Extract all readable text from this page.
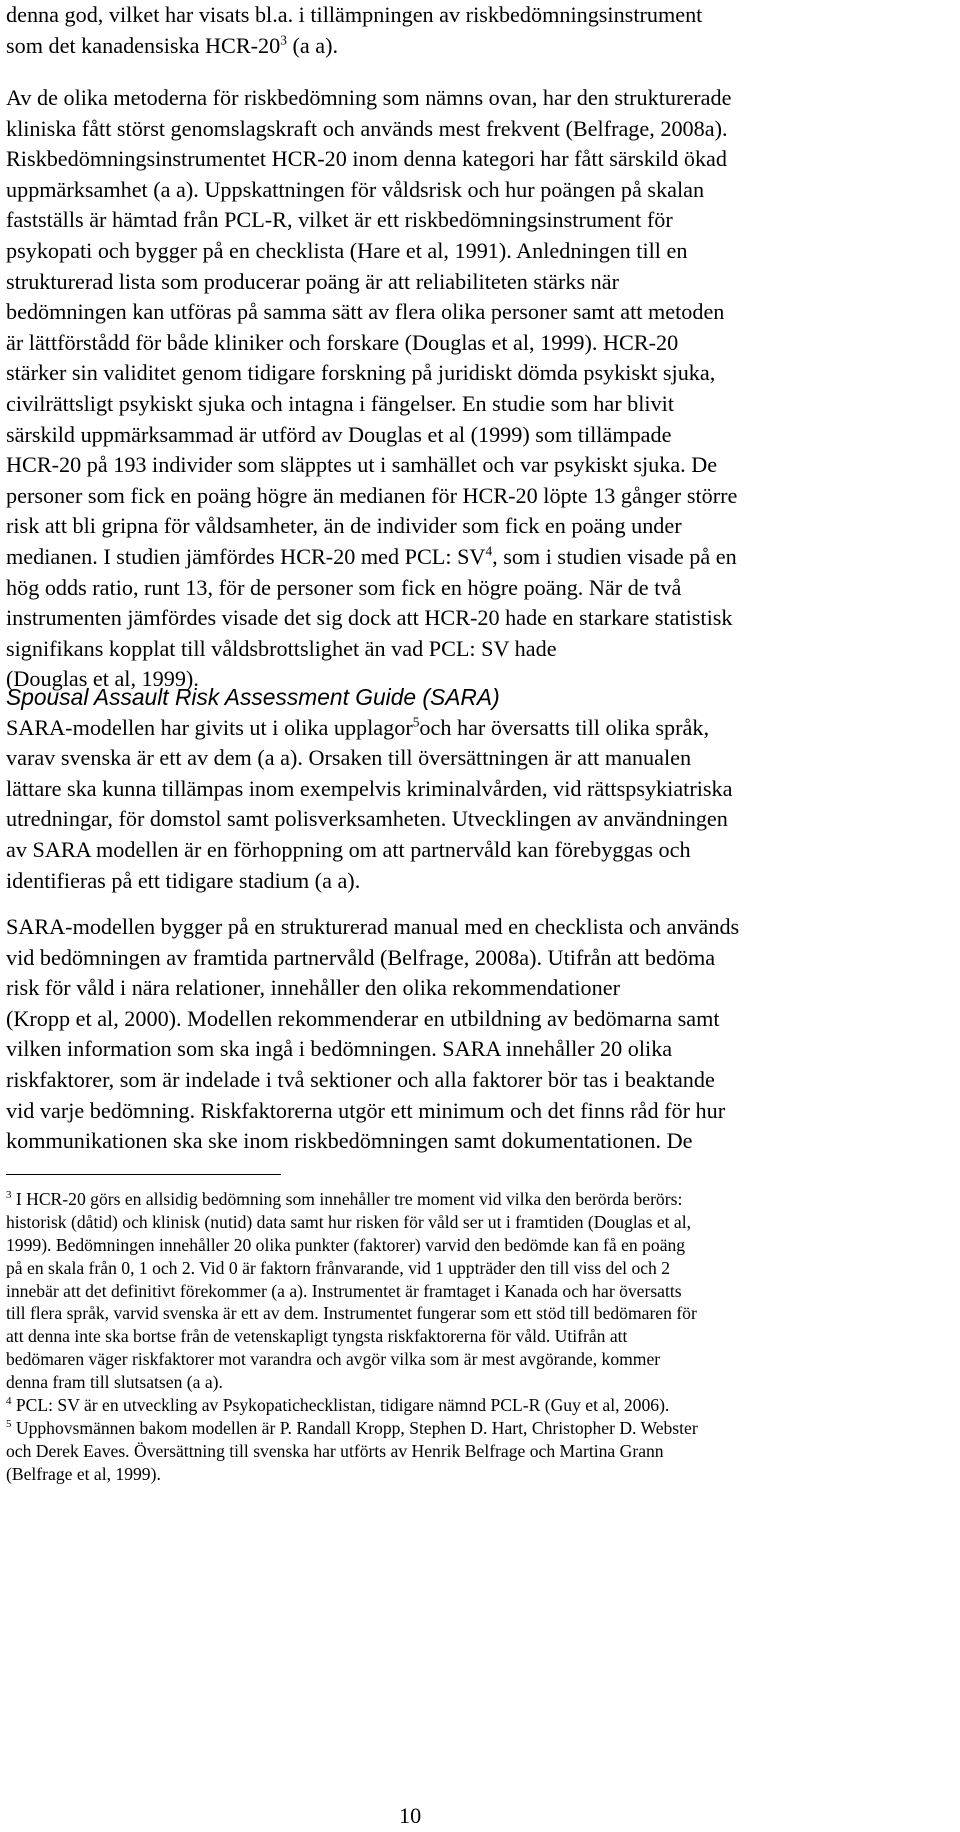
denna god, vilket har visats bl.a. i tillämpningen av riskbedömningsinstrument
som det kanadensiska HCR-$20^3$ (a a).
Av de olika metoderna för riskbedömning som nämns ovan, har den strukturerade
kliniska fått störst genomslagskraft och används mest frekvent (Belfrage, 2008a).
Riskbedömningsinstrumentet HCR-20 inom denna kategori har fått särskild ökad
uppmärksamhet (a a). Uppskattningen för våldsrisk och hur poängen på skalan
fastställs är hämtad från PCL-R, vilket är ett riskbedömningsinstrument för
psykopati och bygger på en checklista (Hare et al, 1991). Anledningen till en
strukturerad lista som producerar poäng är att reliabiliteten stärks när
bedömningen kan utföras på samma sätt av flera olika personer samt att metoden
är lättförstådd för både kliniker och forskare (Douglas et al, 1999). HCR-20
stärker sin validitet genom tidigare forskning på juridiskt dömda psykiskt sjuka,
civilrättsligt psykiskt sjuka och intagna i fängelser. En studie som har blivit
särskild uppmärksammad är utförd av Douglas et al (1999) som tillämpade
HCR-20 på 193 individer som släpptes ut i samhället och var psykiskt sjuka. De
personer som fick en poäng högre än medianen för HCR-20 löpte 13 gånger större
risk att bli gripna för våldsamheter, än de individer som fick en poäng under
medianen. I studien jämfördes HCR-20 med PCL: $SV^4$, som i studien visade på en
hög odds ratio, runt 13, för de personer som fick en högre poäng. När de två
instrumenten jämfördes visade det sig dock att HCR-20 hade en starkare statistisk
signifikans kopplat till våldsbrottslighet än vad PCL: SV hade
(Douglas et al, 1999).
Spousal Assault Risk Assessment Guide (SARA)
SARA-modellen har givits ut i olika upplagor$^5$och har översatts till olika språk,
varav svenska är ett av dem (a a). Orsaken till översättningen är att manualen
lättare ska kunna tillämpas inom exempelvis kriminalvården, vid rättspsykiatriska
utredningar, för domstol samt polisverksamheten. Utvecklingen av användningen
av SARA modellen är en förhoppning om att partnervåld kan förebyggas och
identifieras på ett tidigare stadium (a a).
SARA-modellen bygger på en strukturerad manual med en checklista och används
vid bedömningen av framtida partnervåld (Belfrage, 2008a). Utifrån att bedöma
risk för våld i nära relationer, innehåller den olika rekommendationer
(Kropp et al, 2000). Modellen rekommenderar en utbildning av bedömarna samt
vilken information som ska ingå i bedömningen. SARA innehåller 20 olika
riskfaktorer, som är indelade i två sektioner och alla faktorer bör tas i beaktande
vid varje bedömning. Riskfaktorerna utgör ett minimum och det finns råd för hur
kommunikationen ska ske inom riskbedömningen samt dokumentationen. De
$^3$ I HCR-20 görs en allsidig bedömning som innehåller tre moment vid vilka den berörda berörs:
historisk (dåtid) och klinisk (nutid) data samt hur risken för våld ser ut i framtiden (Douglas et al,
1999). Bedömningen innehåller 20 olika punkter (faktorer) varvid den bedömde kan få en poäng
på en skala från 0, 1 och 2. Vid 0 är faktorn frånvarande, vid 1 uppträder den till viss del och 2
innebär att det definitivt förekommer (a a). Instrumentet är framtaget i Kanada och har översatts
till flera språk, varvid svenska är ett av dem. Instrumentet fungerar som ett stöd till bedömaren för
att denna inte ska bortse från de vetenskapligt tyngsta riskfaktorerna för våld. Utifrån att
bedömaren väger riskfaktorer mot varandra och avgör vilka som är mest avgörande, kommer
denna fram till slutsatsen (a a).
$^4$ PCL: SV är en utveckling av Psykopatichecklistan, tidigare nämnd PCL-R (Guy et al, 2006).
$^5$ Upphovsmännen bakom modellen är P. Randall Kropp, Stephen D. Hart, Christopher D. Webster
och Derek Eaves. Översättning till svenska har utförts av Henrik Belfrage och Martina Grann
(Belfrage et al, 1999).
10
